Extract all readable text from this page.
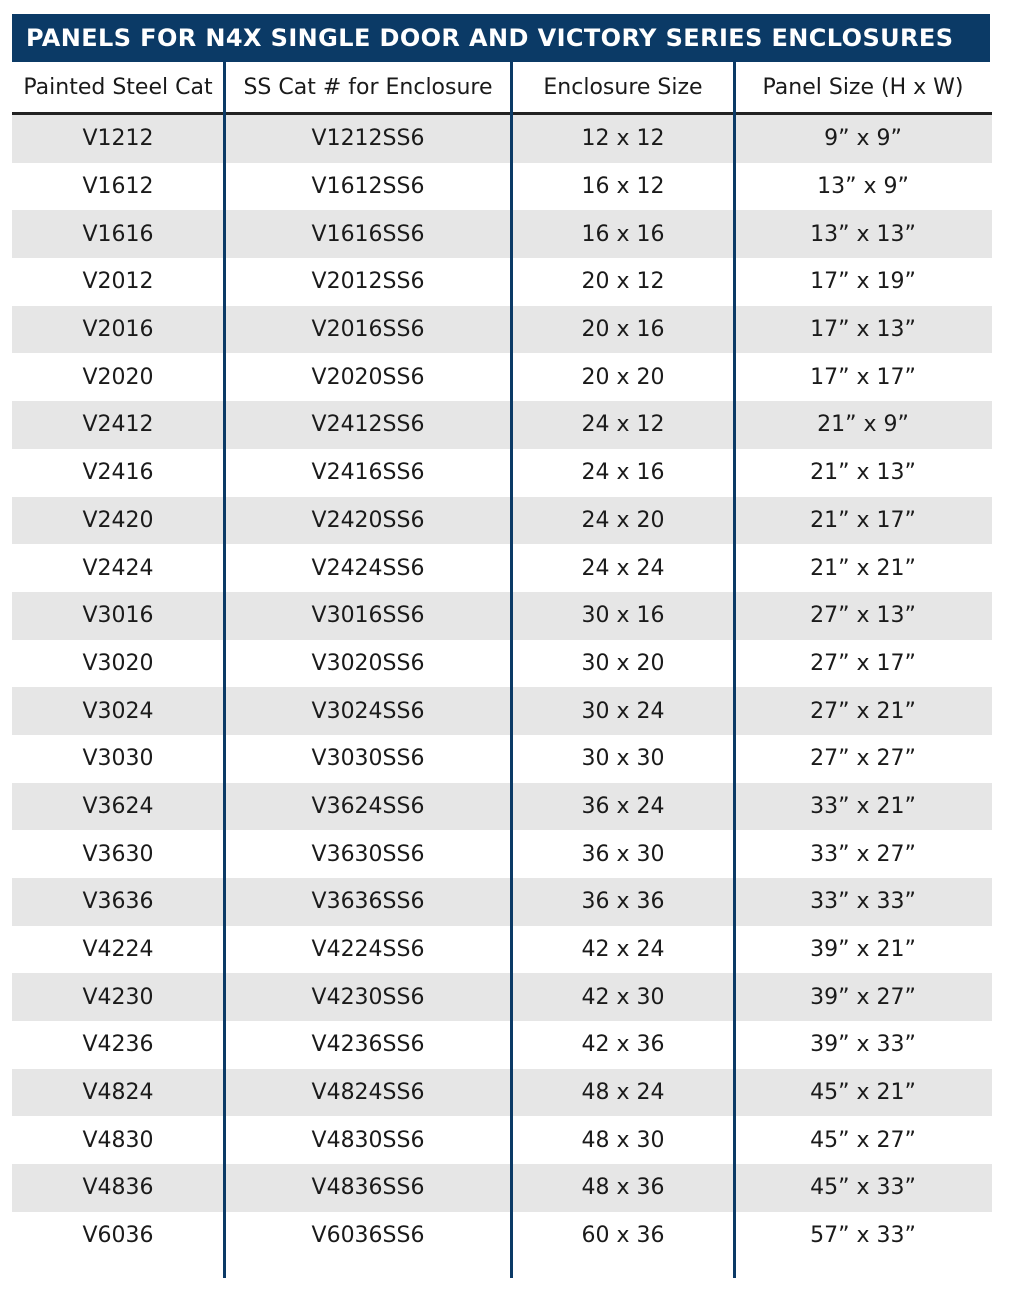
PANELS FOR N4X SINGLE DOOR AND VICTORY SERIES ENCLOSURES
Painted Steel Cat	SS Cat # for Enclosure	Enclosure Size	Panel Size (H x W)
V1212	V1212SS6	12 x 12	9” x 9”
V1612	V1612SS6	16 x 12	13” x 9”
V1616	V1616SS6	16 x 16	13” x 13”
V2012	V2012SS6	20 x 12	17” x 19”
V2016	V2016SS6	20 x 16	17” x 13”
V2020	V2020SS6	20 x 20	17” x 17”
V2412	V2412SS6	24 x 12	21” x 9”
V2416	V2416SS6	24 x 16	21” x 13”
V2420	V2420SS6	24 x 20	21” x 17”
V2424	V2424SS6	24 x 24	21” x 21”
V3016	V3016SS6	30 x 16	27” x 13”
V3020	V3020SS6	30 x 20	27” x 17”
V3024	V3024SS6	30 x 24	27” x 21”
V3030	V3030SS6	30 x 30	27” x 27”
V3624	V3624SS6	36 x 24	33” x 21”
V3630	V3630SS6	36 x 30	33” x 27”
V3636	V3636SS6	36 x 36	33” x 33”
V4224	V4224SS6	42 x 24	39” x 21”
V4230	V4230SS6	42 x 30	39” x 27”
V4236	V4236SS6	42 x 36	39” x 33”
V4824	V4824SS6	48 x 24	45” x 21”
V4830	V4830SS6	48 x 30	45” x 27”
V4836	V4836SS6	48 x 36	45” x 33”
V6036	V6036SS6	60 x 36	57” x 33”
